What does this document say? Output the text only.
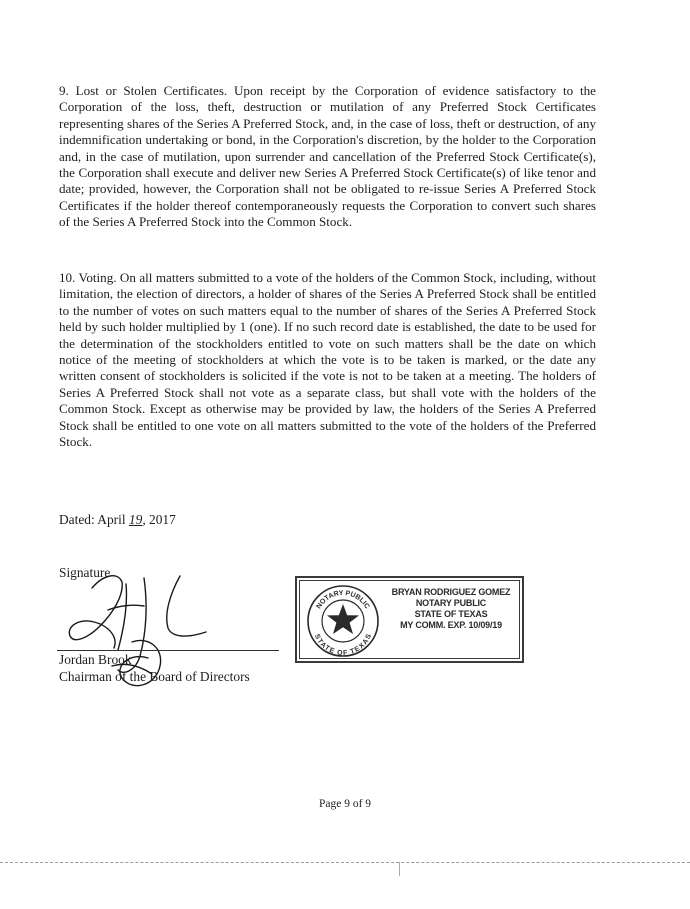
9. Lost or Stolen Certificates. Upon receipt by the Corporation of evidence satisfactory to the Corporation of the loss, theft, destruction or mutilation of any Preferred Stock Certificates representing shares of the Series A Preferred Stock, and, in the case of loss, theft or destruction, of any indemnification undertaking or bond, in the Corporation's discretion, by the holder to the Corporation and, in the case of mutilation, upon surrender and cancellation of the Preferred Stock Certificate(s), the Corporation shall execute and deliver new Series A Preferred Stock Certificate(s) of like tenor and date; provided, however, the Corporation shall not be obligated to re-issue Series A Preferred Stock Certificates if the holder thereof contemporaneously requests the Corporation to convert such shares of the Series A Preferred Stock into the Common Stock.

10. Voting. On all matters submitted to a vote of the holders of the Common Stock, including, without limitation, the election of directors, a holder of shares of the Series A Preferred Stock shall be entitled to the number of votes on such matters equal to the number of shares of the Series A Preferred Stock held by such holder multiplied by 1 (one). If no such record date is established, the date to be used for the determination of the stockholders entitled to vote on such matters shall be the date on which notice of the meeting of stockholders at which the vote is to be taken is marked, or the date any written consent of stockholders is solicited if the vote is not to be taken at a meeting. The holders of Series A Preferred Stock shall not vote as a separate class, but shall vote with the holders of the Common Stock. Except as otherwise may be provided by law, the holders of the Series A Preferred Stock shall be entitled to one vote on all matters submitted to the vote of the holders of the Preferred Stock.

Dated: April 19, 2017

Signature

Jordan Brook

Chairman of the Board of Directors

NOTARY PUBLIC
STATE OF TEXAS
BRYAN RODRIGUEZ GOMEZ
NOTARY PUBLIC
STATE OF TEXAS
MY COMM. EXP. 10/09/19
Page 9 of 9
